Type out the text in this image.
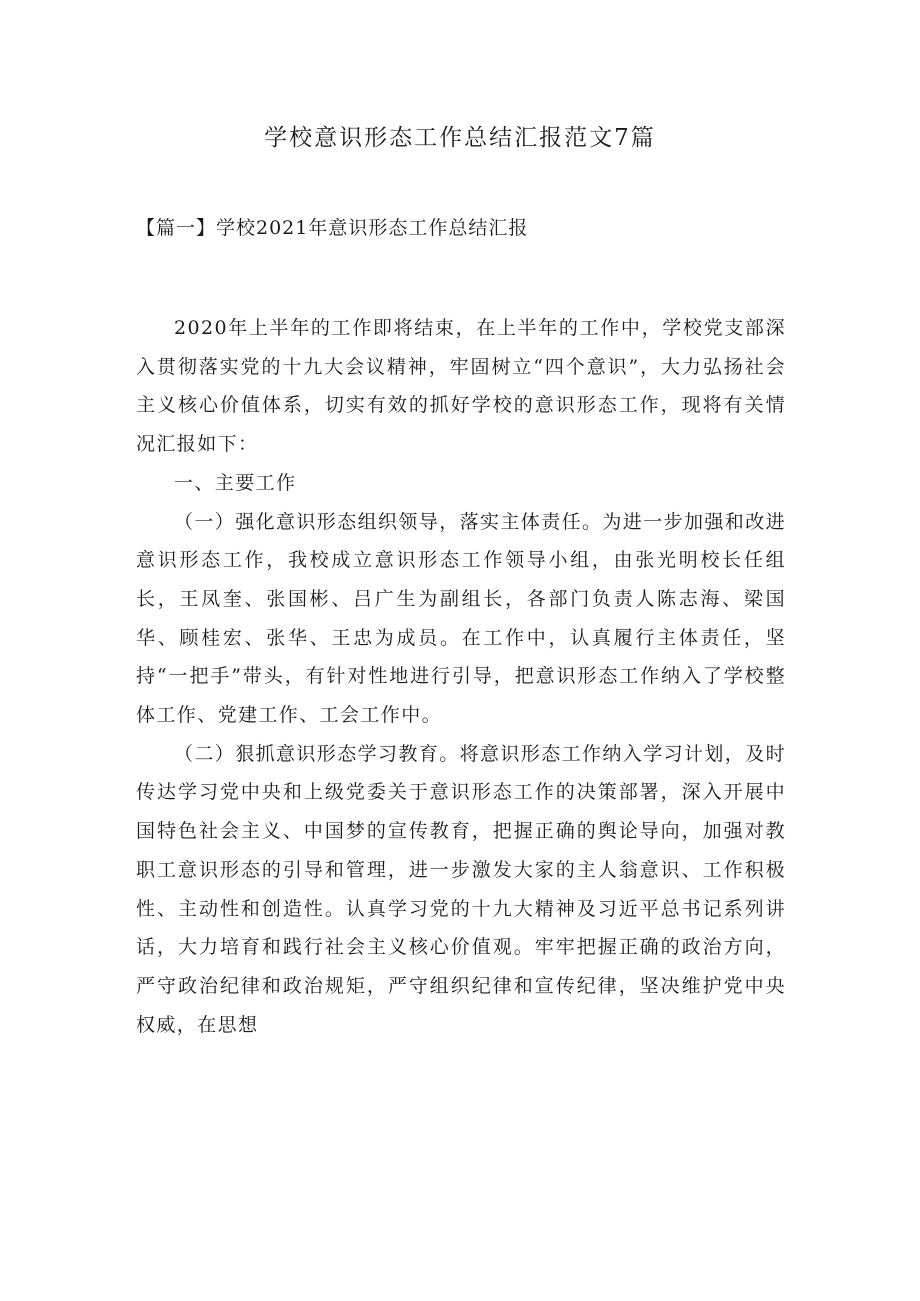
学校意识形态工作总结汇报范文7篇
【篇一】学校2021年意识形态工作总结汇报

2020年上半年的工作即将结束，在上半年的工作中，学校党支部深入贯彻落实党的十九大会议精神，牢固树立“四个意识”，大力弘扬社会主义核心价值体系，切实有效的抓好学校的意识形态工作，现将有关情况汇报如下：

一、主要工作

（一）强化意识形态组织领导，落实主体责任。为进一步加强和改进意识形态工作，我校成立意识形态工作领导小组，由张光明校长任组长，王凤奎、张国彬、吕广生为副组长，各部门负责人陈志海、梁国华、顾桂宏、张华、王忠为成员。在工作中，认真履行主体责任，坚持“一把手”带头，有针对性地进行引导，把意识形态工作纳入了学校整体工作、党建工作、工会工作中。

（二）狠抓意识形态学习教育。将意识形态工作纳入学习计划，及时传达学习党中央和上级党委关于意识形态工作的决策部署，深入开展中国特色社会主义、中国梦的宣传教育，把握正确的舆论导向，加强对教职工意识形态的引导和管理，进一步激发大家的主人翁意识、工作积极性、主动性和创造性。认真学习党的十九大精神及习近平总书记系列讲话，大力培育和践行社会主义核心价值观。牢牢把握正确的政治方向，严守政治纪律和政治规矩，严守组织纪律和宣传纪律，坚决维护党中央权威，在思想
